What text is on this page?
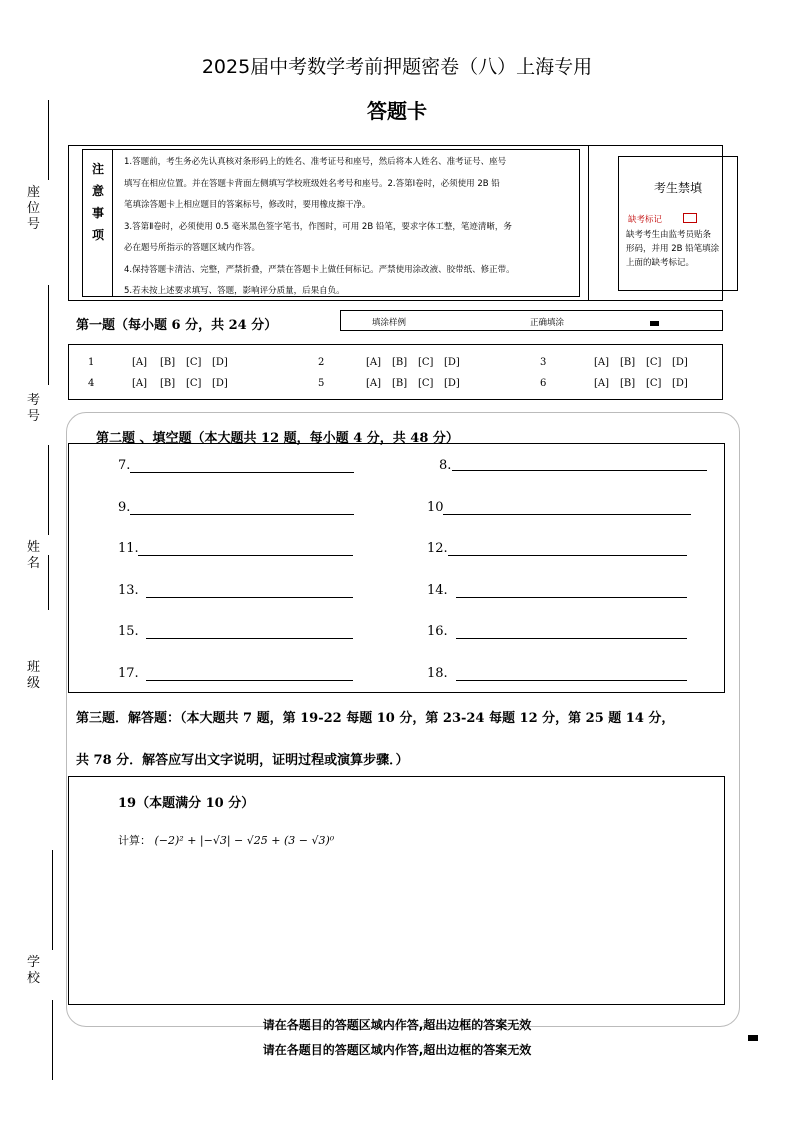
2025届中考数学考前押题密卷（八）上海专用
答题卡
座位号
考号
姓名
班级
学校
注
意
事
项
1.答题前，考生务必先认真核对条形码上的姓名、准考证号和座号，然后将本人姓名、准考证号、座号
填写在相应位置。并在答题卡背面左侧填写学校班级姓名考号和座号。2.答第Ⅰ卷时，必须使用 2B 铅
笔填涂答题卡上相应题目的答案标号，修改时，要用橡皮擦干净。
3.答第Ⅱ卷时，必须使用 0.5 毫米黑色签字笔书，作图时，可用 2B 铅笔，要求字体工整，笔迹清晰，务
必在题号所指示的答题区域内作答。
4.保持答题卡清洁、完整，严禁折叠，严禁在答题卡上做任何标记。严禁使用涂改液、胶带纸、修正带。
5.若未按上述要求填写、答题，影响评分质量，后果自负。
考生禁填
缺考标记
缺考考生由监考员贴条
形码，并用 2B 铅笔填涂
上面的缺考标记。
第一题（每小题 6 分，共 24 分）	填涂样例	正确填涂
1	[A] [B] [C] [D]	2	[A] [B] [C] [D]	3	[A] [B] [C] [D]
4	[A] [B] [C] [D]	5	[A] [B] [C] [D]	6	[A] [B] [C] [D]
第二题 、填空题（本大题共 12 题，每小题 4 分，共 48 分）
7.	8.
9.	10
11.	12.
13.	14.
15.	16.
17.	18.
第三题．解答题：（本大题共 7 题，第 19-22 每题 10 分，第 23-24 每题 12 分，第 25 题 14 分，
共 78 分．解答应写出文字说明，证明过程或演算步骤．）
19（本题满分 10 分）
计算： (−2)² + |−√3| − √25 + (3 − √3)⁰
请在各题目的答题区域内作答,超出边框的答案无效
请在各题目的答题区域内作答,超出边框的答案无效
